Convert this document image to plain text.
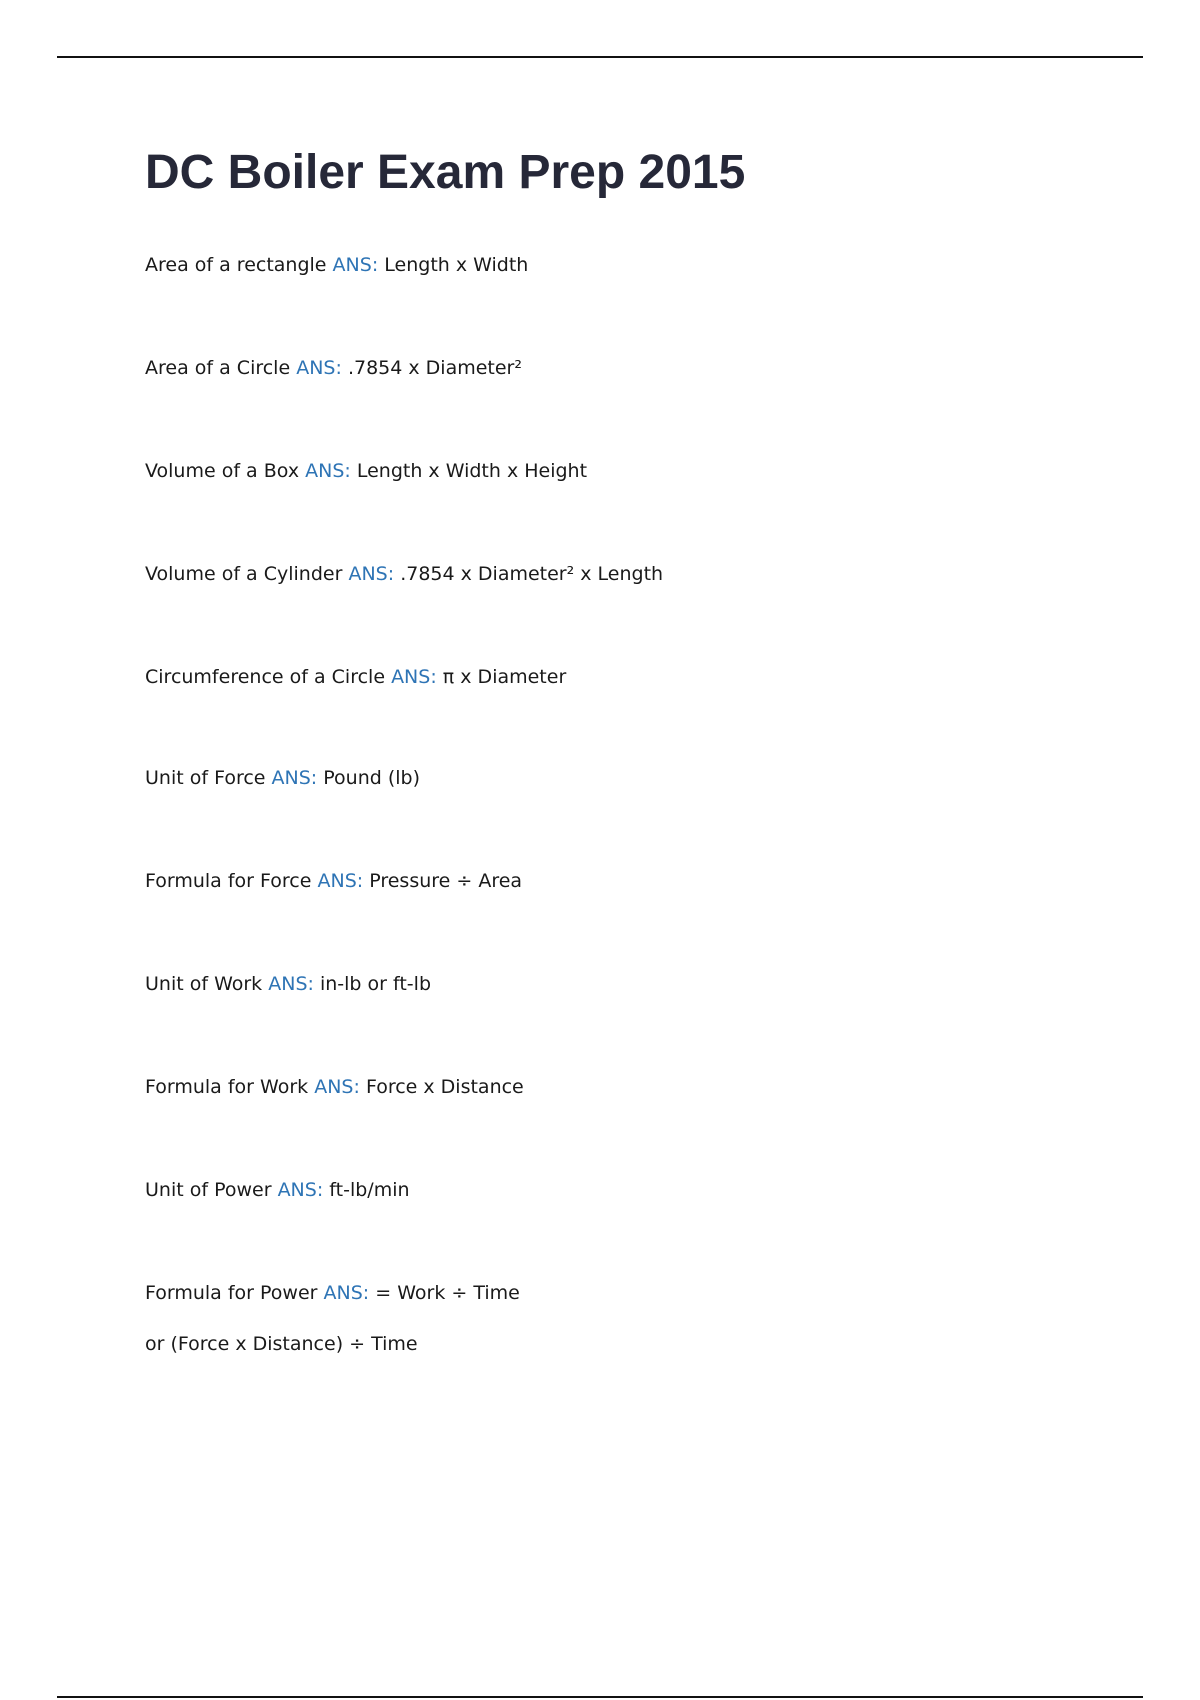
DC Boiler Exam Prep 2015

Area of a rectangle ANS: Length x Width

Area of a Circle ANS: .7854 x Diameter²

Volume of a Box ANS: Length x Width x Height

Volume of a Cylinder ANS: .7854 x Diameter² x Length

Circumference of a Circle ANS: π x Diameter

Unit of Force ANS: Pound (lb)

Formula for Force ANS: Pressure ÷ Area

Unit of Work ANS: in-lb or ft-lb

Formula for Work ANS: Force x Distance

Unit of Power ANS: ft-lb/min

Formula for Power ANS: = Work ÷ Time

or (Force x Distance) ÷ Time
